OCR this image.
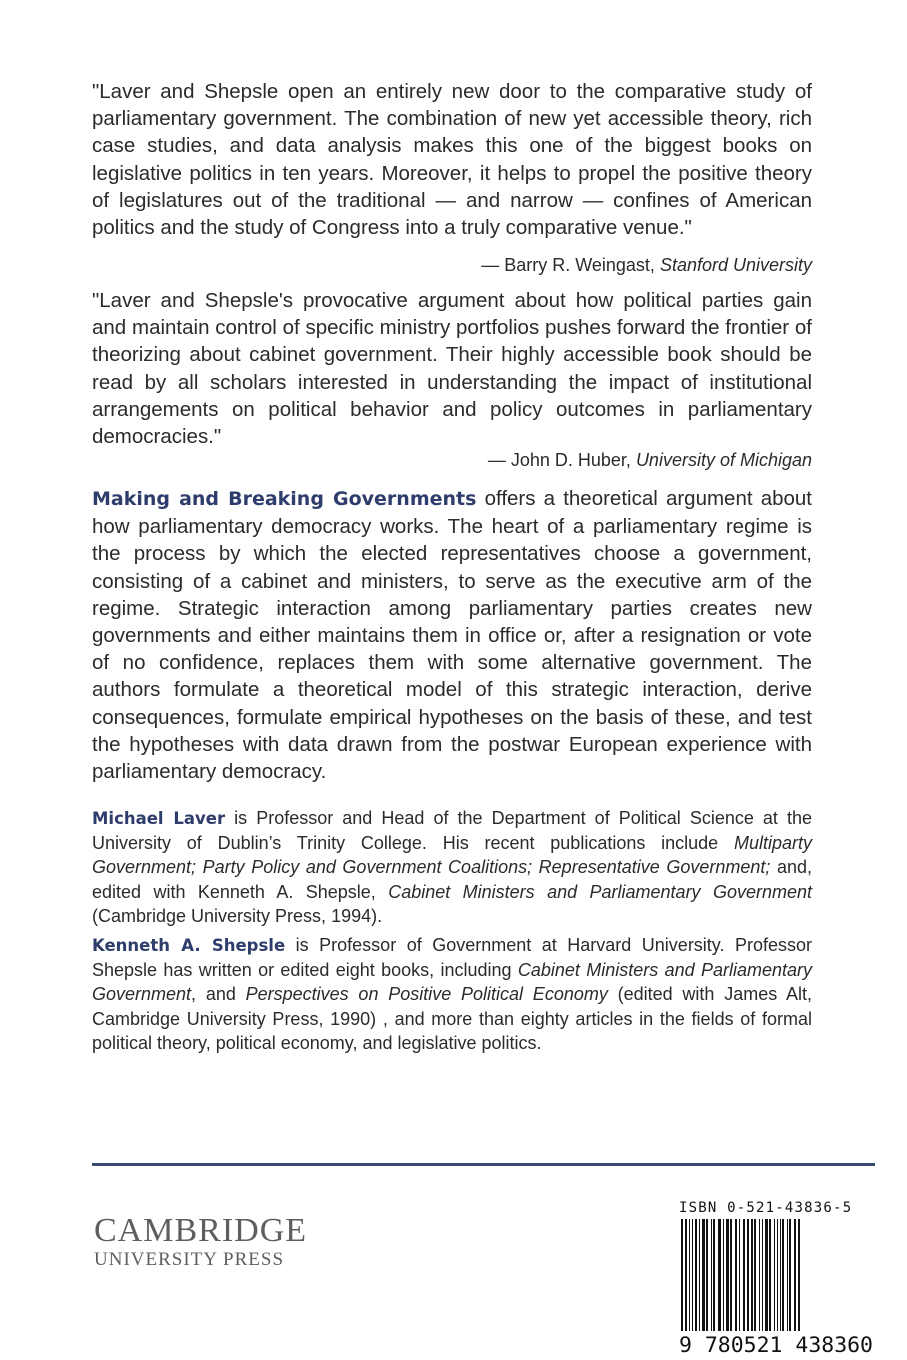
"Laver and Shepsle open an entirely new door to the comparative study of parliamentary government. The combination of new yet accessible theory, rich case studies, and data analysis makes this one of the biggest books on legislative politics in ten years. Moreover, it helps to propel the positive theory of legislatures out of the traditional — and narrow — confines of American politics and the study of Congress into a truly comparative venue."
— Barry R. Weingast, Stanford University
"Laver and Shepsle's provocative argument about how political parties gain and maintain control of specific ministry portfolios pushes forward the frontier of theorizing about cabinet government. Their highly accessible book should be read by all scholars interested in understanding the impact of institutional arrangements on political behavior and policy outcomes in parliamentary democracies."
— John D. Huber, University of Michigan
Making and Breaking Governments offers a theoretical argument about how parliamentary democracy works. The heart of a parliamentary regime is the process by which the elected representatives choose a government, consisting of a cabinet and ministers, to serve as the executive arm of the regime. Strategic interaction among parliamentary parties creates new governments and either maintains them in office or, after a resignation or vote of no confidence, replaces them with some alternative government. The authors formulate a theoretical model of this strategic interaction, derive consequences, formulate empirical hypotheses on the basis of these, and test the hypotheses with data drawn from the postwar European experience with parliamentary democracy.
Michael Laver is Professor and Head of the Department of Political Science at the University of Dublin’s Trinity College. His recent publications include Multiparty Government; Party Policy and Government Coalitions; Representative Government; and, edited with Kenneth A. Shepsle, Cabinet Ministers and Parliamentary Government (Cambridge University Press, 1994).
Kenneth A. Shepsle is Professor of Government at Harvard University. Professor Shepsle has written or edited eight books, including Cabinet Ministers and Parliamentary Government, and Perspectives on Positive Political Economy (edited with James Alt, Cambridge University Press, 1990) , and more than eighty articles in the fields of formal political theory, political economy, and legislative politics.
CAMBRIDGE
UNIVERSITY PRESS
ISBN 0-521-43836-5
9 780521 438360
